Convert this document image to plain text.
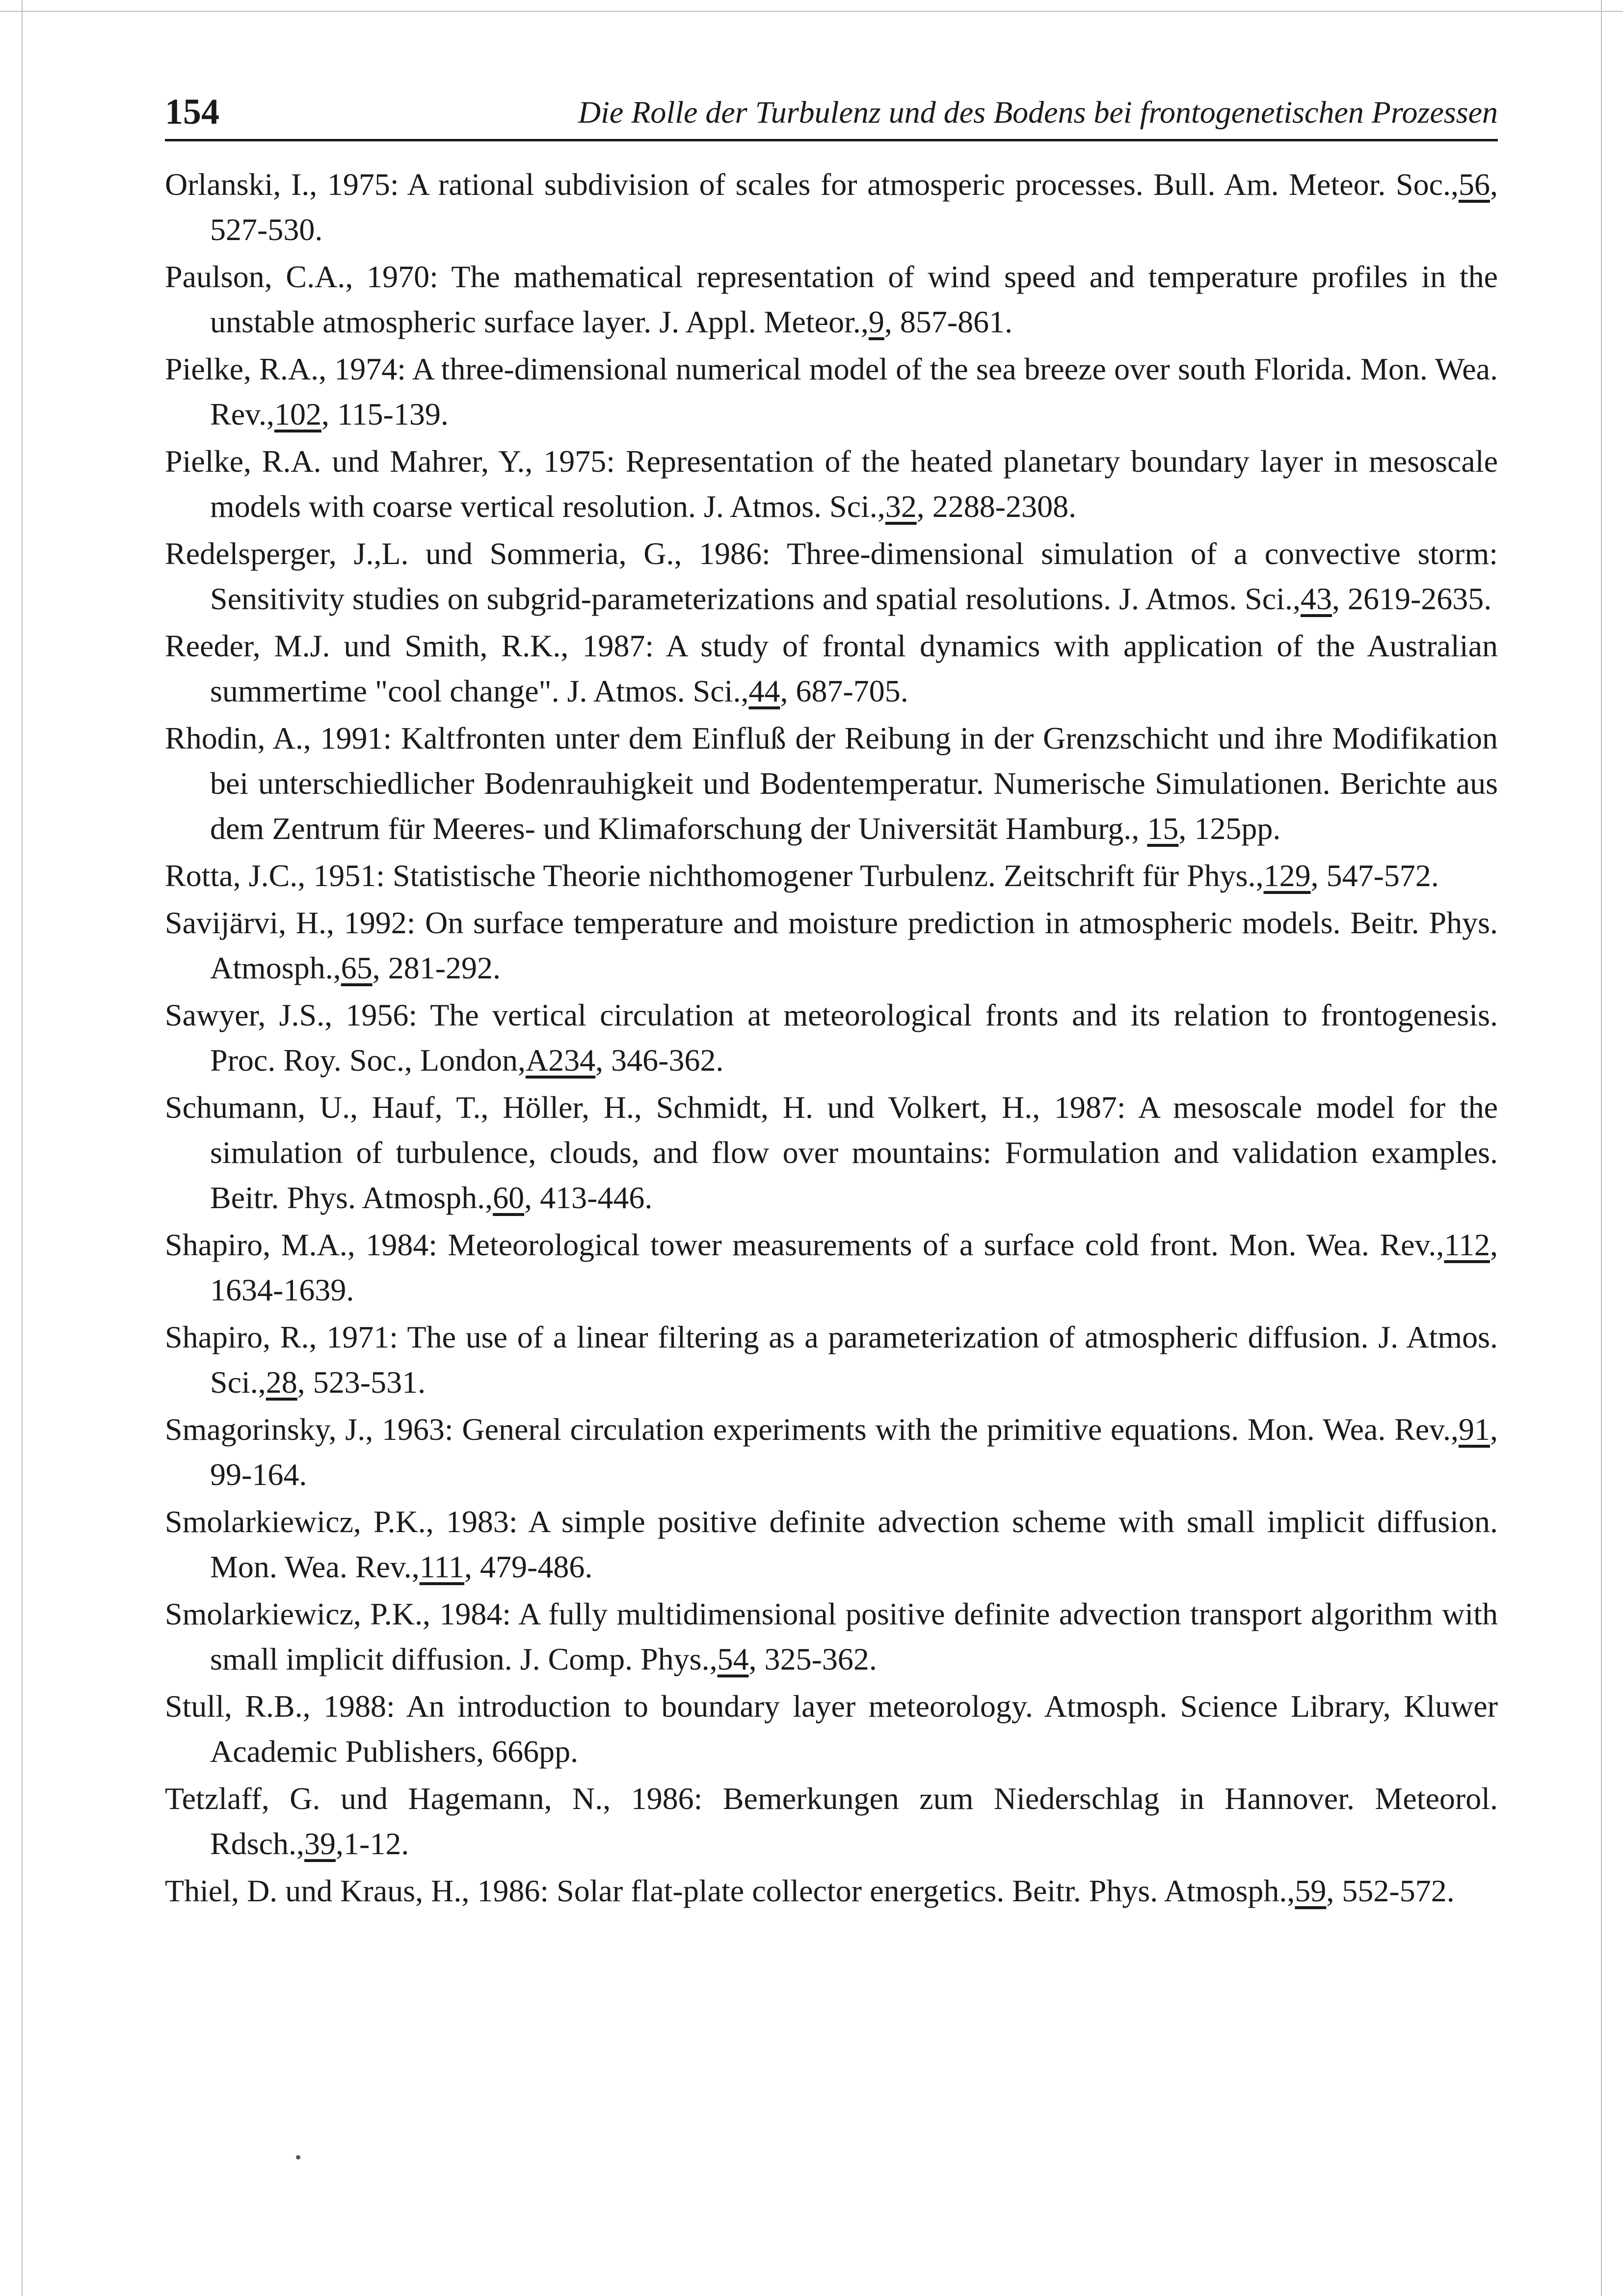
154	Die Rolle der Turbulenz und des Bodens bei frontogenetischen Prozessen

Orlanski, I., 1975: A rational subdivision of scales for atmosperic processes. Bull. Am. Meteor. Soc.,56, 527-530.

Paulson, C.A., 1970: The mathematical representation of wind speed and temperature profiles in the unstable atmospheric surface layer. J. Appl. Meteor.,9, 857-861.

Pielke, R.A., 1974: A three-dimensional numerical model of the sea breeze over south Florida. Mon. Wea. Rev.,102, 115-139.

Pielke, R.A. und Mahrer, Y., 1975: Representation of the heated planetary boundary layer in mesoscale models with coarse vertical resolution. J. Atmos. Sci.,32, 2288-2308.

Redelsperger, J.,L. und Sommeria, G., 1986: Three-dimensional simulation of a convective storm: Sensitivity studies on subgrid-parameterizations and spatial resolutions. J. Atmos. Sci.,43, 2619-2635.

Reeder, M.J. und Smith, R.K., 1987: A study of frontal dynamics with application of the Australian summertime "cool change". J. Atmos. Sci.,44, 687-705.

Rhodin, A., 1991: Kaltfronten unter dem Einfluß der Reibung in der Grenzschicht und ihre Modifikation bei unterschiedlicher Bodenrauhigkeit und Bodentemperatur. Numerische Simulationen. Berichte aus dem Zentrum für Meeres- und Klimaforschung der Universität Hamburg., 15, 125pp.

Rotta, J.C., 1951: Statistische Theorie nichthomogener Turbulenz. Zeitschrift für Phys.,129, 547-572.

Savijärvi, H., 1992: On surface temperature and moisture prediction in atmospheric models. Beitr. Phys. Atmosph.,65, 281-292.

Sawyer, J.S., 1956: The vertical circulation at meteorological fronts and its relation to frontogenesis. Proc. Roy. Soc., London,A234, 346-362.

Schumann, U., Hauf, T., Höller, H., Schmidt, H. und Volkert, H., 1987: A mesoscale model for the simulation of turbulence, clouds, and flow over mountains: Formulation and validation examples. Beitr. Phys. Atmosph.,60, 413-446.

Shapiro, M.A., 1984: Meteorological tower measurements of a surface cold front. Mon. Wea. Rev.,112, 1634-1639.

Shapiro, R., 1971: The use of a linear filtering as a parameterization of atmospheric diffusion. J. Atmos. Sci.,28, 523-531.

Smagorinsky, J., 1963: General circulation experiments with the primitive equations. Mon. Wea. Rev.,91, 99-164.

Smolarkiewicz, P.K., 1983: A simple positive definite advection scheme with small implicit diffusion. Mon. Wea. Rev.,111, 479-486.

Smolarkiewicz, P.K., 1984: A fully multidimensional positive definite advection transport algorithm with small implicit diffusion. J. Comp. Phys.,54, 325-362.

Stull, R.B., 1988: An introduction to boundary layer meteorology. Atmosph. Science Library, Kluwer Academic Publishers, 666pp.

Tetzlaff, G. und Hagemann, N., 1986: Bemerkungen zum Niederschlag in Hannover. Meteorol. Rdsch.,39,1-12.

Thiel, D. und Kraus, H., 1986: Solar flat-plate collector energetics. Beitr. Phys. Atmosph.,59, 552-572.
